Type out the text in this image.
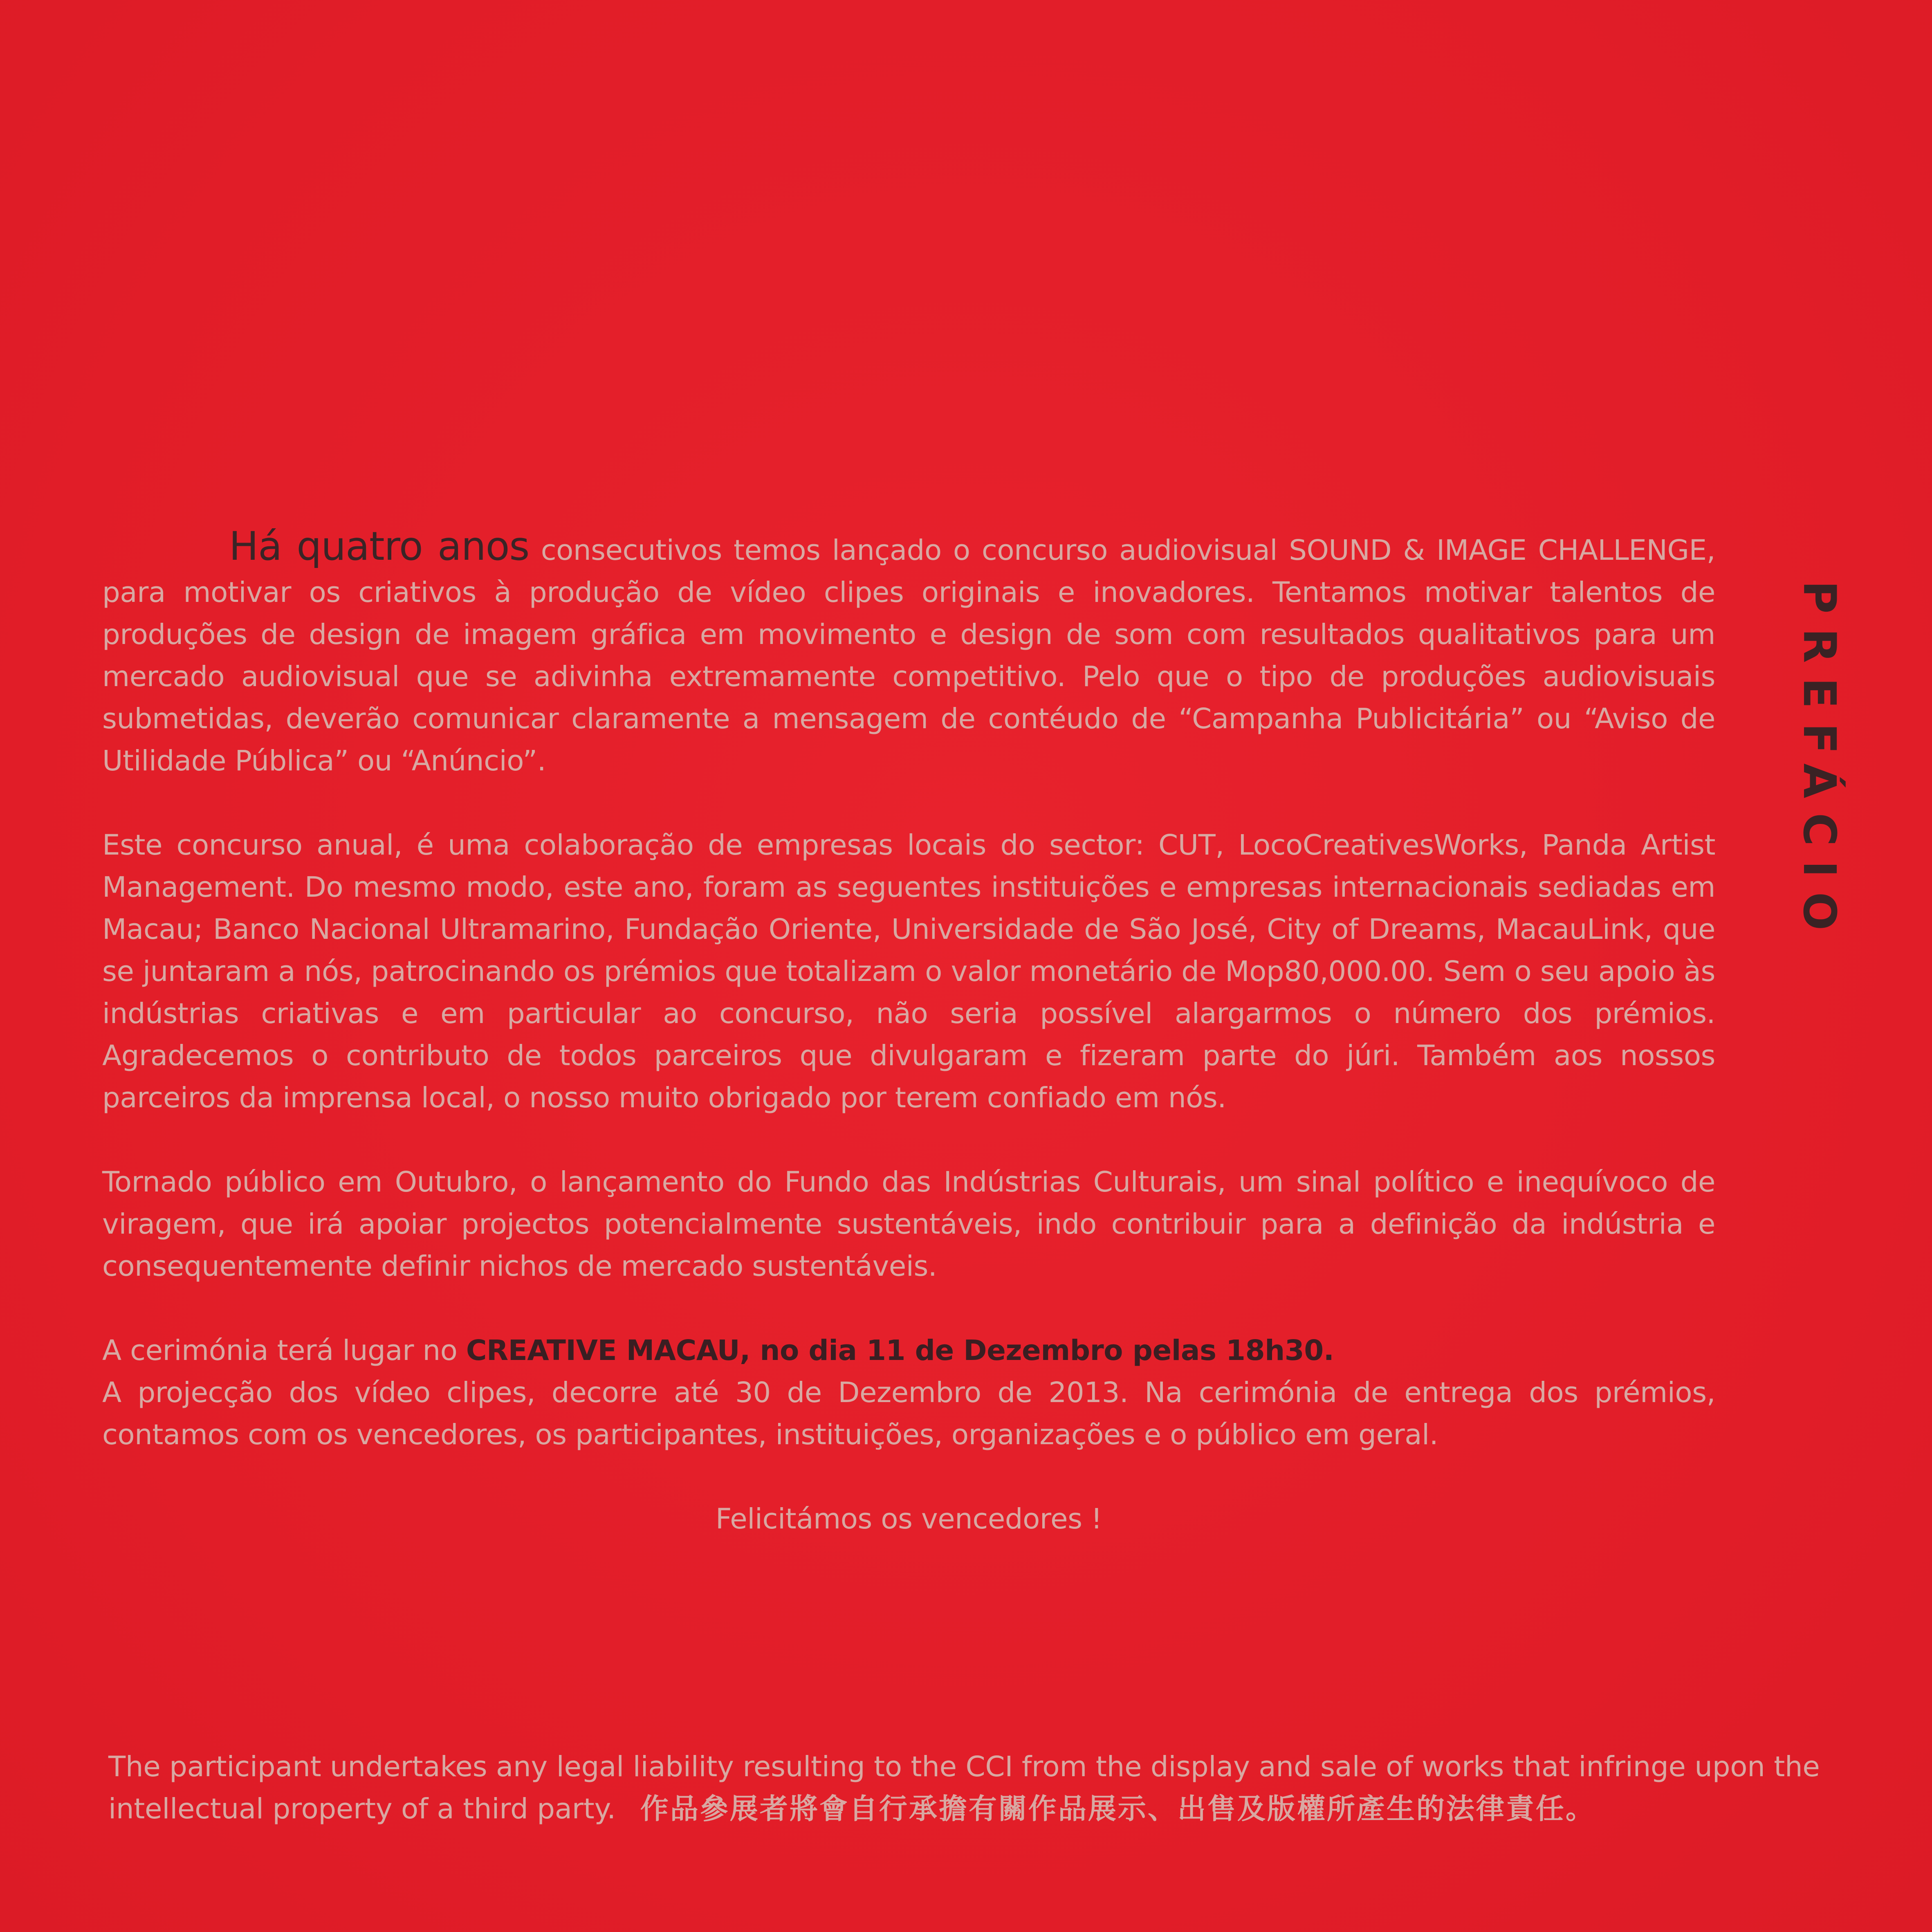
PREFÁCIO

Há quatro anos consecutivos temos lançado o concurso audiovisual SOUND & IMAGE CHALLENGE, para motivar os criativos à produção de vídeo clipes originais e inovadores. Tentamos motivar talentos de produções de design de imagem gráfica em movimento e design de som com resultados qualitativos para um mercado audiovisual que se adivinha extremamente competitivo. Pelo que o tipo de produções audiovisuais submetidas, deverão comunicar claramente a mensagem de contéudo de “Campanha Publicitária” ou “Aviso de Utilidade Pública” ou “Anúncio”.

Este concurso anual, é uma colaboração de empresas locais do sector: CUT, LocoCreativesWorks, Panda Artist Management. Do mesmo modo, este ano, foram as seguentes instituições e empresas internacionais sediadas em Macau; Banco Nacional Ultramarino, Fundação Oriente, Universidade de São José, City of Dreams, MacauLink, que se juntaram a nós, patrocinando os prémios que totalizam o valor monetário de Mop80,000.00. Sem o seu apoio às indústrias criativas e em particular ao concurso, não seria possível alargarmos o número dos prémios. Agradecemos o contributo de todos parceiros que divulgaram e fizeram parte do júri. Também aos nossos parceiros da imprensa local, o nosso muito obrigado por terem confiado em nós.

Tornado público em Outubro, o lançamento do Fundo das Indústrias Culturais, um sinal político e inequívoco de viragem, que irá apoiar projectos potencialmente sustentáveis, indo contribuir para a definição da indústria e consequentemente definir nichos de mercado sustentáveis.

A cerimónia terá lugar no CREATIVE MACAU, no dia 11 de Dezembro pelas 18h30.
A projecção dos vídeo clipes, decorre até 30 de Dezembro de 2013. Na cerimónia de entrega dos prémios, contamos com os vencedores, os participantes, instituições, organizações e o público em geral.

Felicitámos os vencedores !

The participant undertakes any legal liability resulting to the CCI from the display and sale of works that infringe upon the intellectual property of a third party. 作品參展者將會自行承擔有關作品展示、出售及版權所產生的法律責任。
